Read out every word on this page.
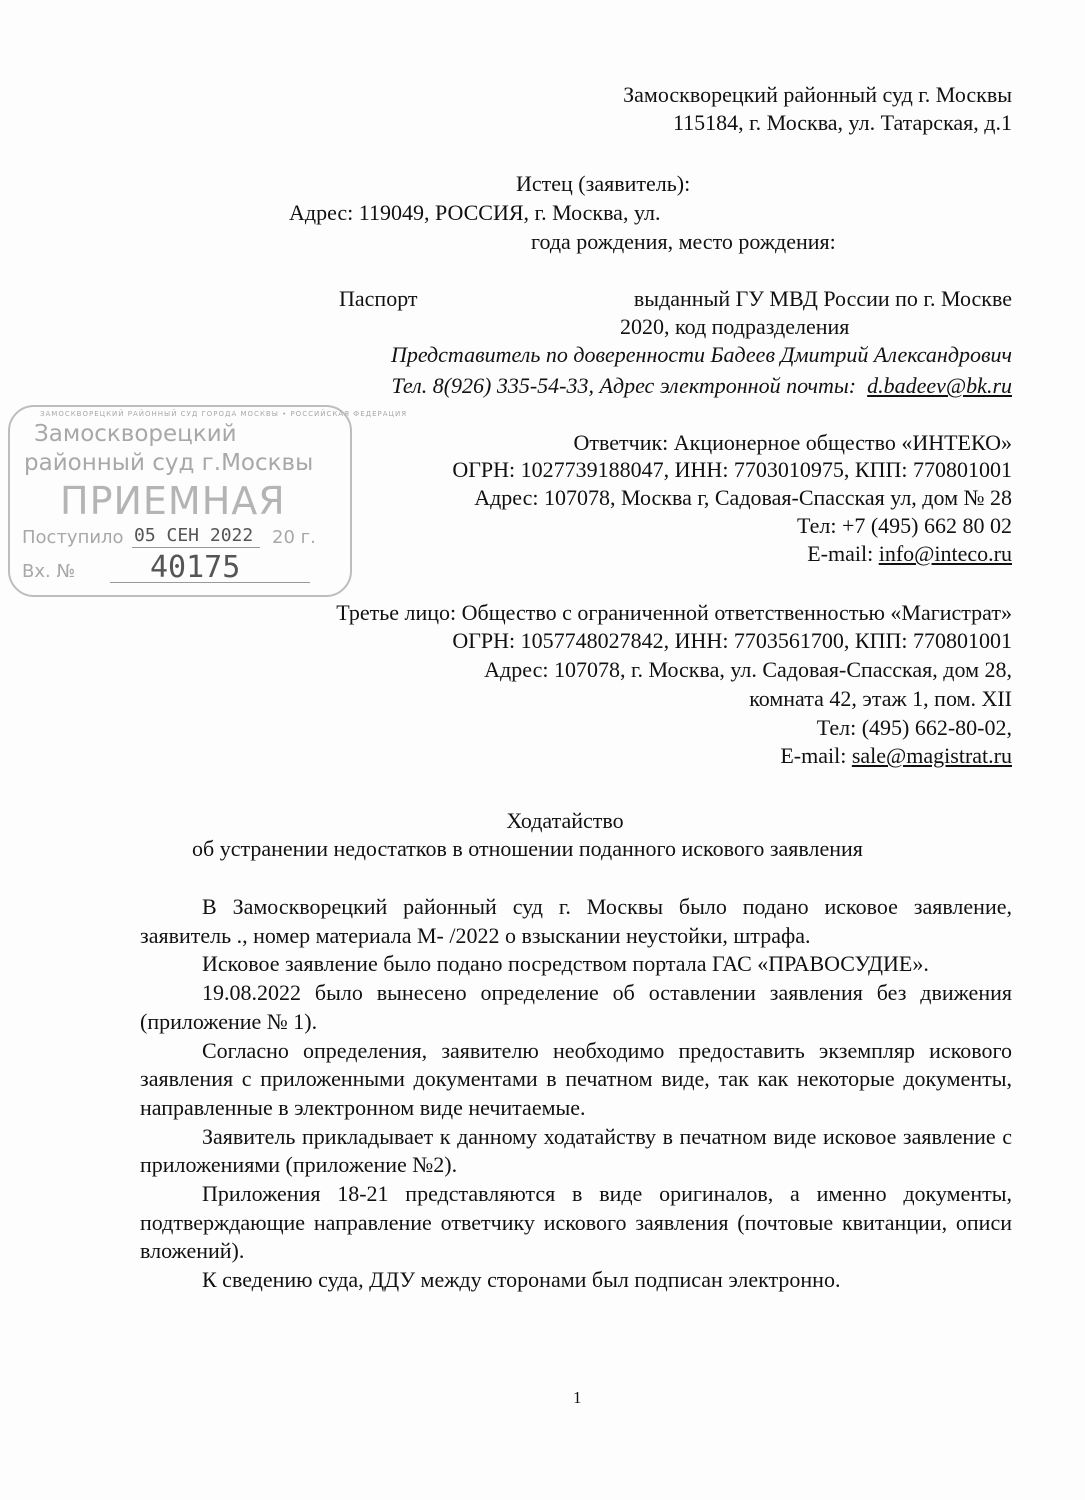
Замоскворецкий районный суд г. Москвы
115184, г. Москва, ул. Татарская, д.1
Истец (заявитель):
Адрес: 119049, РОССИЯ, г. Москва, ул.
года рождения, место рождения:
Паспорт	выданный ГУ МВД России по г. Москве
2020, код подразделения
Представитель по доверенности Бадеев Дмитрий Александрович
Тел. 8(926) 335-54-33, Адрес электронной почты: d.badeev@bk.ru
Ответчик: Акционерное общество «ИНТЕКО»
ОГРН: 1027739188047, ИНН: 7703010975, КПП: 770801001
Адрес: 107078, Москва г, Садовая-Спасская ул, дом № 28
Тел: +7 (495) 662 80 02
E-mail: info@inteco.ru
ЗАМОСКВОРЕЦКИЙ РАЙОННЫЙ СУД ГОРОДА МОСКВЫ • РОССИЙСКАЯ ФЕДЕРАЦИЯ
Замоскворецкий
районный суд г.Москвы
ПРИЕМНАЯ
Поступило 05 СЕН 2022 20 г.
Вх. № 40175
Третье лицо: Общество с ограниченной ответственностью «Магистрат»
ОГРН: 1057748027842, ИНН: 7703561700, КПП: 770801001
Адрес: 107078, г. Москва, ул. Садовая-Спасская, дом 28,
комната 42, этаж 1, пом. XII
Тел: (495) 662-80-02,
E-mail: sale@magistrat.ru
Ходатайство
об устранении недостатков в отношении поданного искового заявления

В Замоскворецкий районный суд г. Москвы было подано исковое заявление, заявитель ., номер материала М- /2022 о взыскании неустойки, штрафа.

Исковое заявление было подано посредством портала ГАС «ПРАВОСУДИЕ».

19.08.2022 было вынесено определение об оставлении заявления без движения (приложение № 1).

Согласно определения, заявителю необходимо предоставить экземпляр искового заявления с приложенными документами в печатном виде, так как некоторые документы, направленные в электронном виде нечитаемые.

Заявитель прикладывает к данному ходатайству в печатном виде исковое заявление с приложениями (приложение №2).

Приложения 18-21 представляются в виде оригиналов, а именно документы, подтверждающие направление ответчику искового заявления (почтовые квитанции, описи вложений).

К сведению суда, ДДУ между сторонами был подписан электронно.

1
